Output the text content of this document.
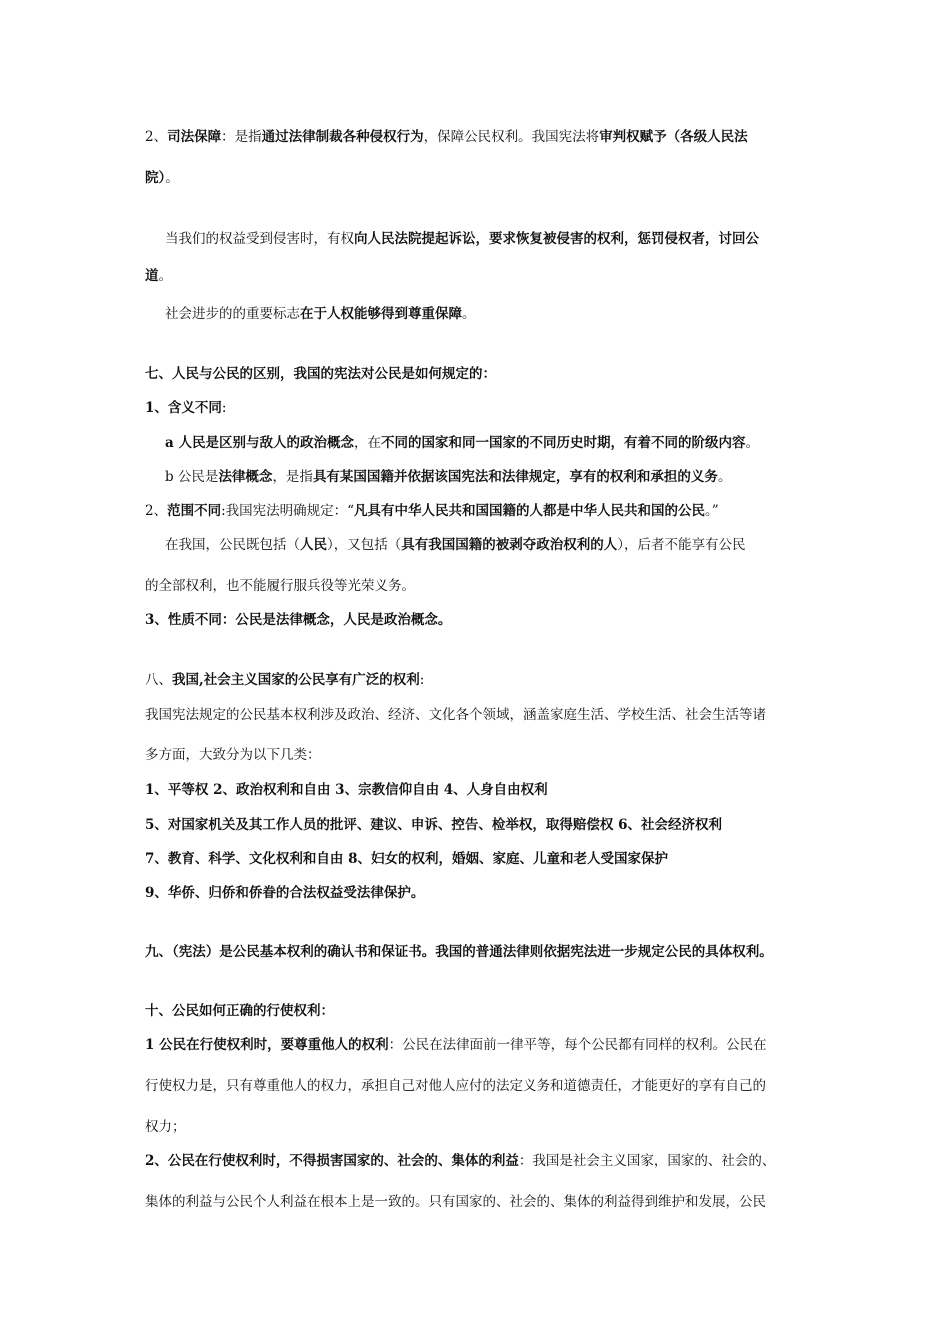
2、司法保障：是指通过法律制裁各种侵权行为，保障公民权利。我国宪法将审判权赋予（各级人民法
院）。
当我们的权益受到侵害时，有权向人民法院提起诉讼，要求恢复被侵害的权利，惩罚侵权者，讨回公
道。
社会进步的的重要标志在于人权能够得到尊重保障。
七、人民与公民的区别，我国的宪法对公民是如何规定的：
1、含义不同:
a 人民是区别与敌人的政治概念，在不同的国家和同一国家的不同历史时期，有着不同的阶级内容。
b 公民是法律概念，是指具有某国国籍并依据该国宪法和法律规定，享有的权利和承担的义务。
2、范围不同:我国宪法明确规定：“凡具有中华人民共和国国籍的人都是中华人民共和国的公民。”
在我国，公民既包括（人民），又包括（具有我国国籍的被剥夺政治权利的人），后者不能享有公民
的全部权利，也不能履行服兵役等光荣义务。
3、性质不同：公民是法律概念，人民是政治概念。
八、我国,社会主义国家的公民享有广泛的权利:
我国宪法规定的公民基本权利涉及政治、经济、文化各个领域，涵盖家庭生活、学校生活、社会生活等诸
多方面，大致分为以下几类：
1、平等权 2、政治权利和自由 3、宗教信仰自由 4、人身自由权利
5、对国家机关及其工作人员的批评、建议、申诉、控告、检举权，取得赔偿权 6、社会经济权利
7、教育、科学、文化权利和自由 8、妇女的权利，婚姻、家庭、儿童和老人受国家保护
9、华侨、归侨和侨眷的合法权益受法律保护。
九、（宪法）是公民基本权利的确认书和保证书。我国的普通法律则依据宪法进一步规定公民的具体权利。
十、公民如何正确的行使权利：
1 公民在行使权利时，要尊重他人的权利：公民在法律面前一律平等，每个公民都有同样的权利。公民在
行使权力是，只有尊重他人的权力，承担自己对他人应付的法定义务和道德责任，才能更好的享有自己的
权力；
2、公民在行使权利时，不得损害国家的、社会的、集体的利益：我国是社会主义国家，国家的、社会的、
集体的利益与公民个人利益在根本上是一致的。只有国家的、社会的、集体的利益得到维护和发展，公民
